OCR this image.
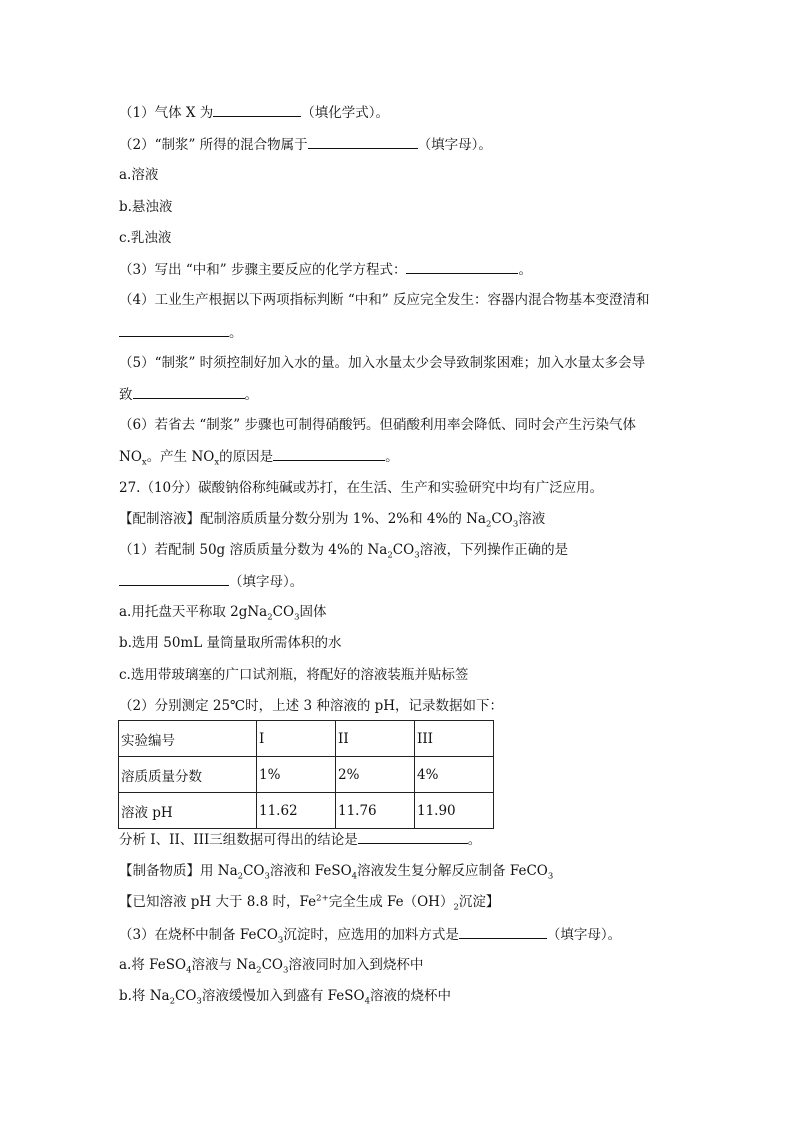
（1）气体 X 为	（填化学式）。
（2）“制浆” 所得的混合物属于	（填字母）。
a.溶液
b.悬浊液
c.乳浊液
（3）写出 “中和” 步骤主要反应的化学方程式：	。
（4）工业生产根据以下两项指标判断 “中和” 反应完全发生：容器内混合物基本变澄清和
。
（5）“制浆” 时须控制好加入水的量。加入水量太少会导致制浆困难；加入水量太多会导
致	。
（6）若省去 “制浆” 步骤也可制得硝酸钙。但硝酸利用率会降低、同时会产生污染气体
$NO_x$。产生 $NO_x$的原因是	。
27.（10分）碳酸钠俗称纯碱或苏打，在生活、生产和实验研究中均有广泛应用。
【配制溶液】配制溶质质量分数分别为 1%、2%和 4%的 $Na_2CO_3$溶液
（1）若配制 50g 溶质质量分数为 4%的 $Na_2CO_3$溶液，下列操作正确的是
（填字母）。
a.用托盘天平称取 $2gNa_2CO_3$固体
b.选用 50mL 量筒量取所需体积的水
c.选用带玻璃塞的广口试剂瓶，将配好的溶液装瓶并贴标签
（2）分别测定 25℃时，上述 3 种溶液的 pH，记录数据如下：
实验编号	I	II	III
溶质质量分数	1%	2%	4%
溶液 pH	11.62	11.76	11.90
分析 I、II、III三组数据可得出的结论是	。
【制备物质】用 $Na_2CO_3$溶液和 FeSO$_4$溶液发生复分解反应制备 FeCO$_3$
【已知溶液 pH 大于 8.8 时，$Fe^{2+}$完全生成 $Fe(OH)_2$沉淀】
（3）在烧杯中制备 FeCO$_3$沉淀时，应选用的加料方式是	（填字母）。
a.将 FeSO$_4$溶液与 $Na_2CO_3$溶液同时加入到烧杯中
b.将 $Na_2CO_3$溶液缓慢加入到盛有 FeSO$_4$溶液的烧杯中
